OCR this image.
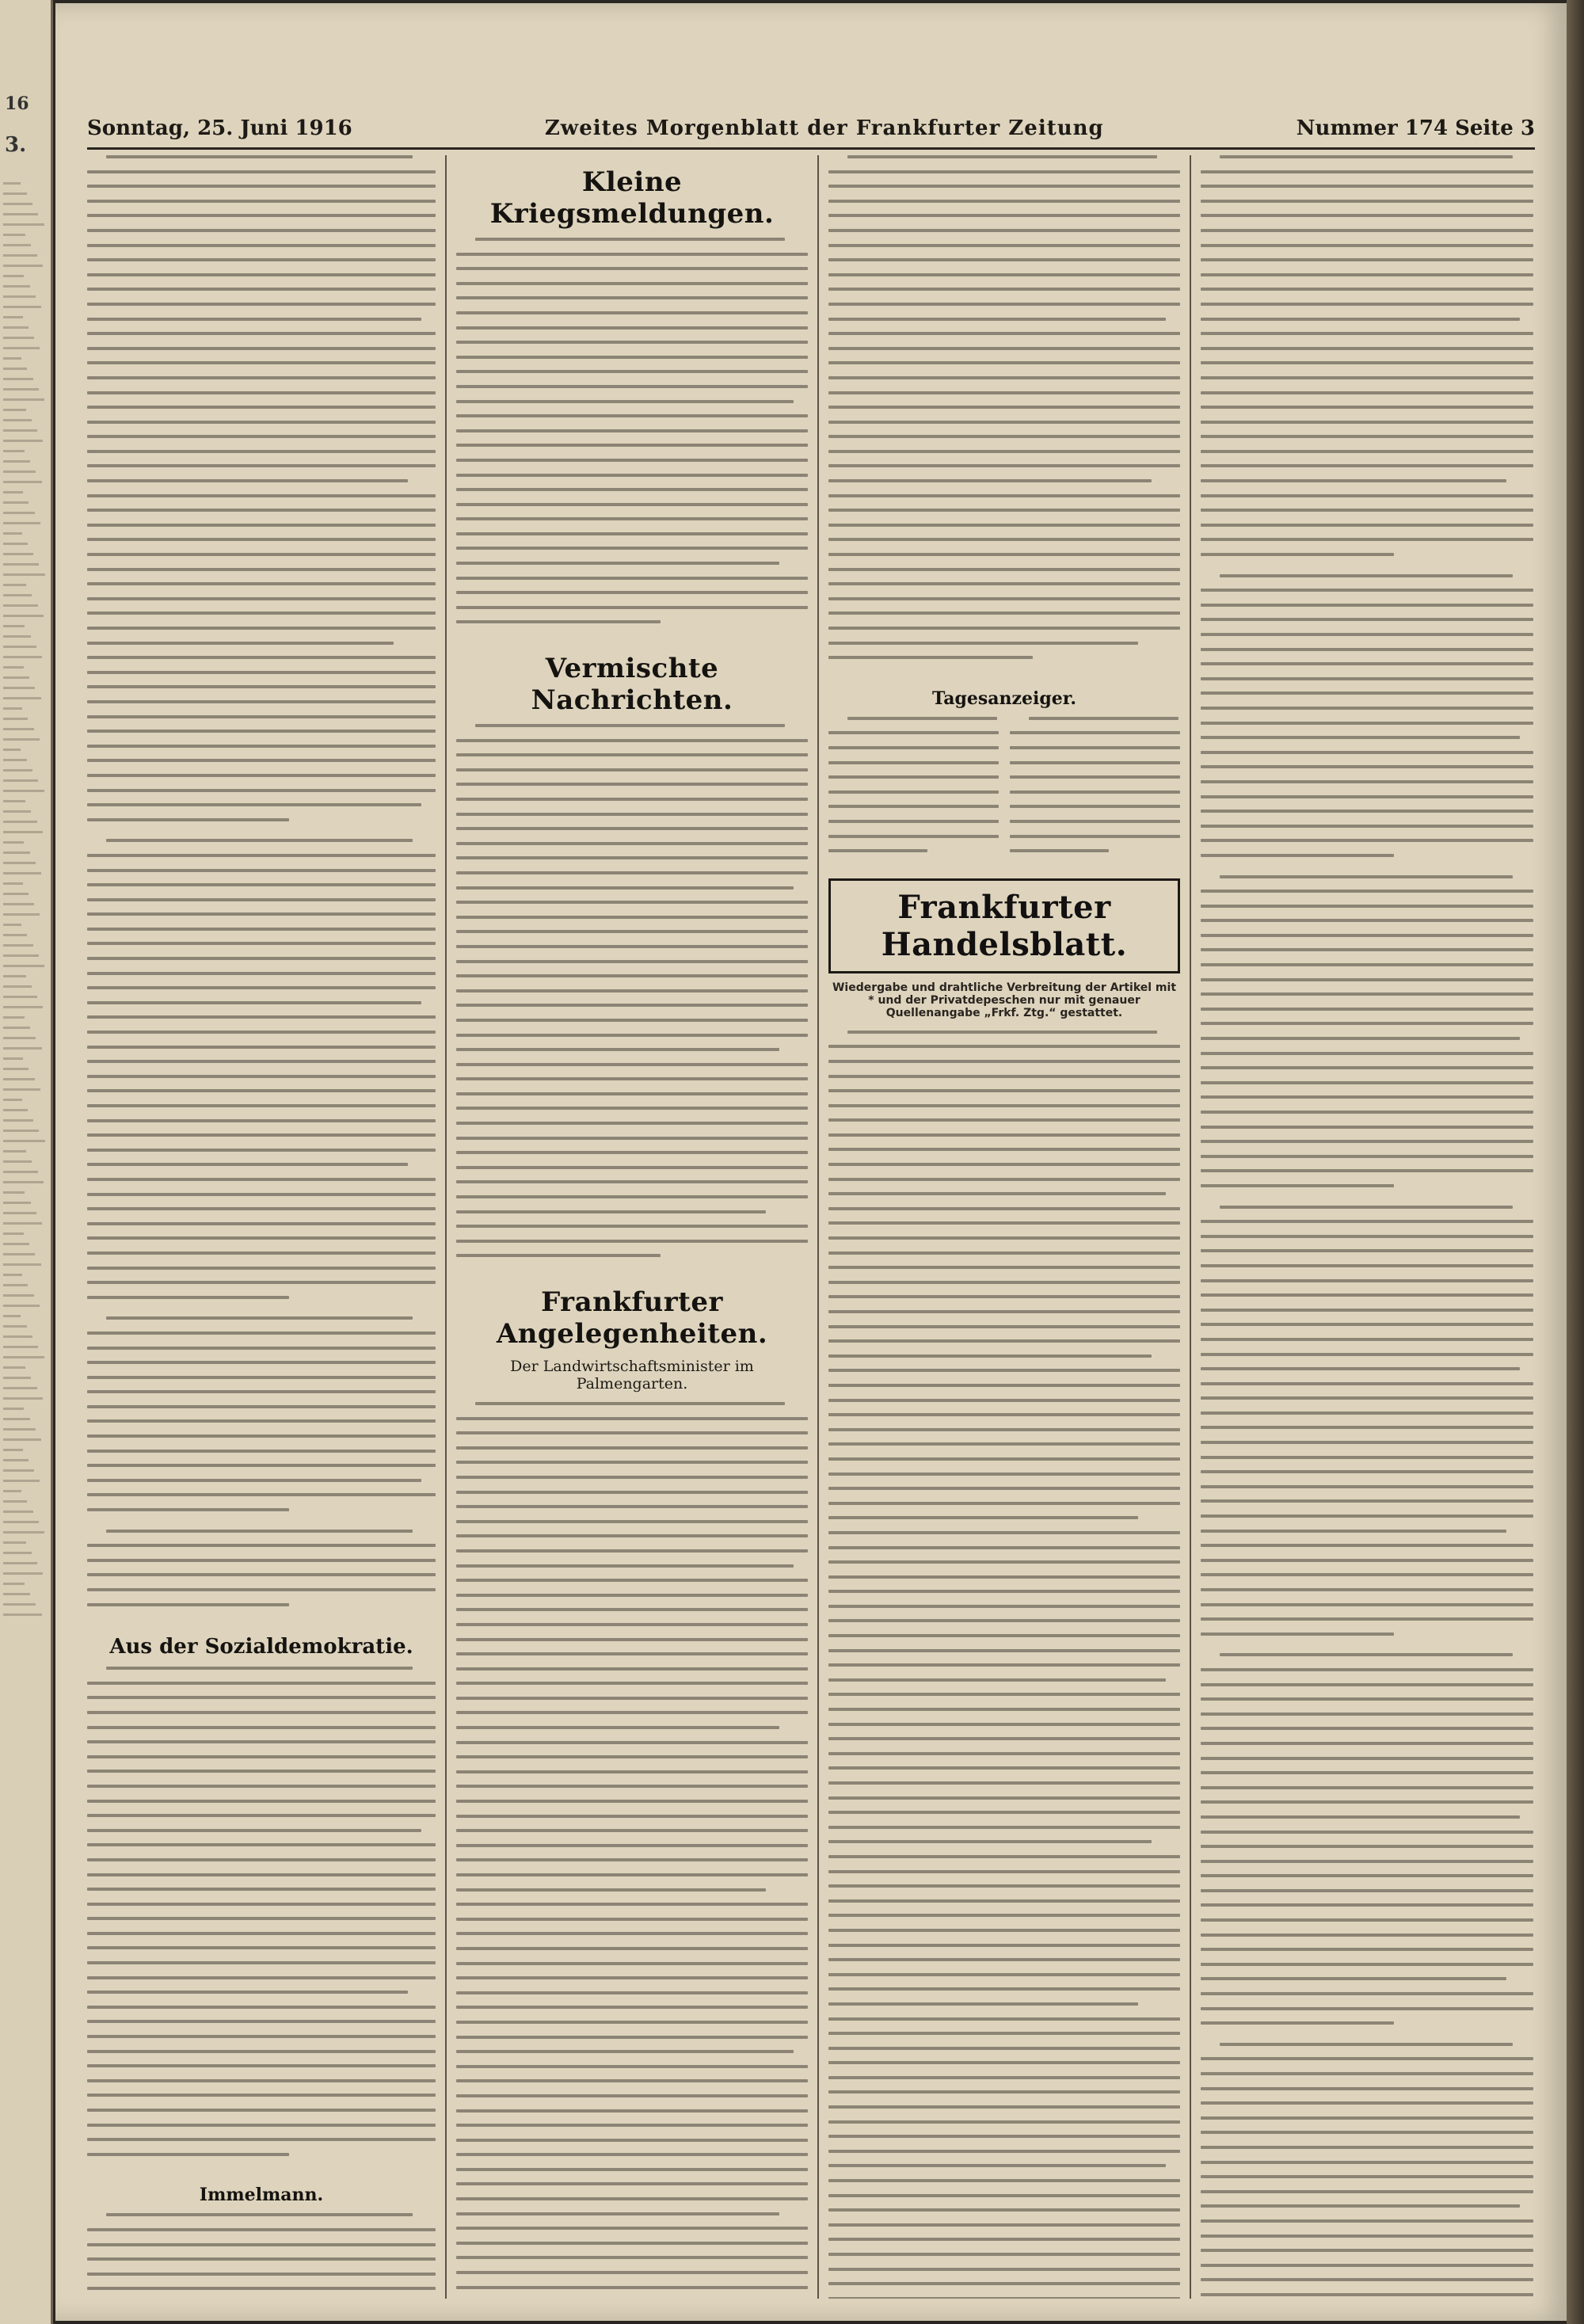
16
3.
Sonntag, 25. Juni 1916	Zweites Morgenblatt der Frankfurter Zeitung	Nummer 174 Seite 3
Aus der Sozialdemokratie.
Immelmann.
Kleine Kriegsmeldungen.
Vermischte Nachrichten.
Frankfurter Angelegenheiten.
Der Landwirtschaftsminister im Palmengarten.
Tagesanzeiger.
Frankfurter Handelsblatt.
Wiedergabe und drahtliche Verbreitung der Artikel mit * und der Privatdepeschen nur mit genauer Quellenangabe „Frkf. Ztg.“ gestattet.
